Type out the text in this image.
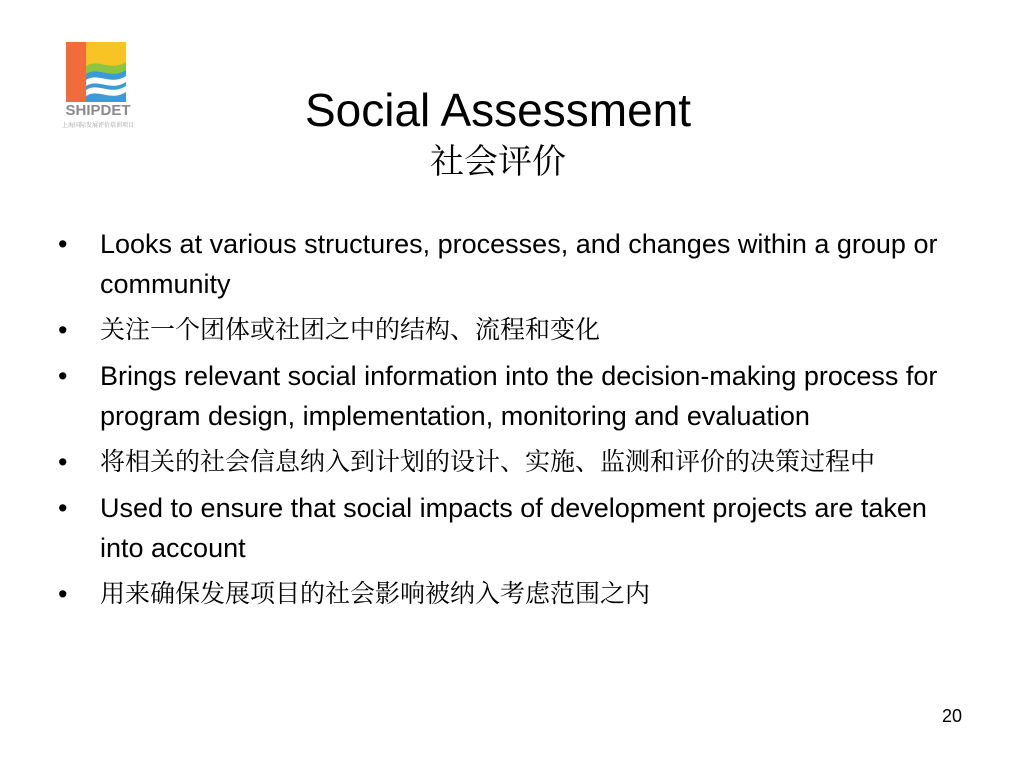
SHIPDET
上海国际发展评价培训项目	Social Assessment
社会评价
• Looks at various structures, processes, and changes within a group or community
• 关注一个团体或社团之中的结构、流程和变化
• Brings relevant social information into the decision-making process for program design, implementation, monitoring and evaluation
• 将相关的社会信息纳入到计划的设计、实施、监测和评价的决策过程中
• Used to ensure that social impacts of development projects are taken into account
• 用来确保发展项目的社会影响被纳入考虑范围之内
20
